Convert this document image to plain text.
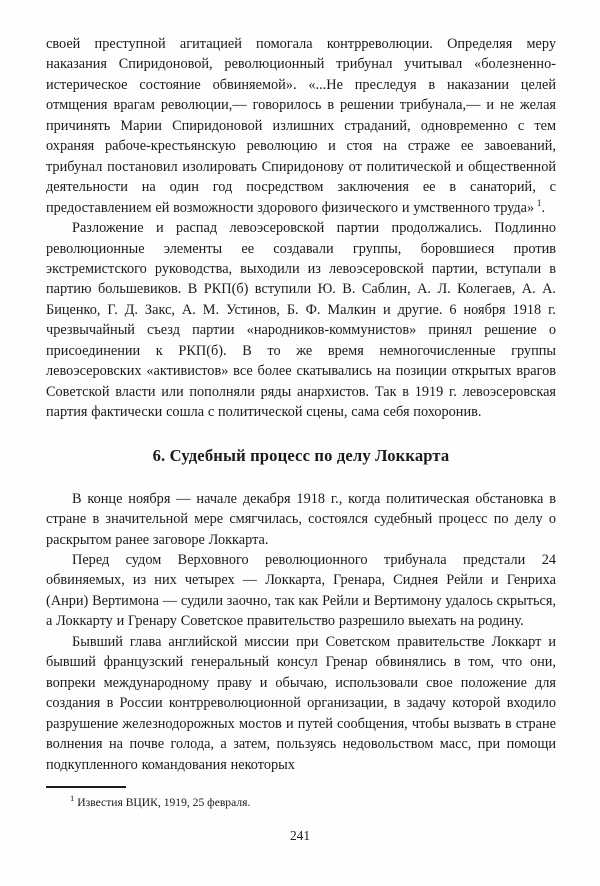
своей преступной агитацией помогала контрреволюции. Определяя меру наказания Спиридоновой, революционный трибунал учитывал «болезненно-истерическое состояние обвиняемой». «...Не преследуя в наказании целей отмщения врагам революции,— говорилось в решении трибунала,— и не желая причинять Марии Спиридоновой излишних страданий, одновременно с тем охраняя рабоче-крестьянскую революцию и стоя на страже ее завоеваний, трибунал постановил изолировать Спиридонову от политической и общественной деятельности на один год посредством заключения ее в санаторий, с предоставлением ей возможности здорового физического и умственного труда» $^1$.

Разложение и распад левоэсеровской партии продолжались. Подлинно революционные элементы ее создавали группы, боровшиеся против экстремистского руководства, выходили из левоэсеровской партии, вступали в партию большевиков. В РКП(б) вступили Ю. В. Саблин, А. Л. Колегаев, А. А. Биценко, Г. Д. Закс, А. М. Устинов, Б. Ф. Малкин и другие. 6 ноября 1918 г. чрезвычайный съезд партии «народников-коммунистов» принял решение о присоединении к РКП(б). В то же время немногочисленные группы левоэсеровских «активистов» все более скатывались на позиции открытых врагов Советской власти или пополняли ряды анархистов. Так в 1919 г. левоэсеровская партия фактически сошла с политической сцены, сама себя похоронив.

6. Судебный процесс по делу Локкарта

В конце ноября — начале декабря 1918 г., когда политическая обстановка в стране в значительной мере смягчилась, состоялся судебный процесс по делу о раскрытом ранее заговоре Локкарта.

Перед судом Верховного революционного трибунала предстали 24 обвиняемых, из них четырех — Локкарта, Гренара, Сиднея Рейли и Генриха (Анри) Вертимона — судили заочно, так как Рейли и Вертимону удалось скрыться, а Локкарту и Гренару Советское правительство разрешило выехать на родину.

Бывший глава английской миссии при Советском правительстве Локкарт и бывший французский генеральный консул Гренар обвинялись в том, что они, вопреки международному праву и обычаю, использовали свое положение для создания в России контрреволюционной организации, в задачу которой входило разрушение железнодорожных мостов и путей сообщения, чтобы вызвать в стране волнения на почве голода, а затем, пользуясь недовольством масс, при помощи подкупленного командования некоторых

$^1$ Известия ВЦИК, 1919, 25 февраля.

241
